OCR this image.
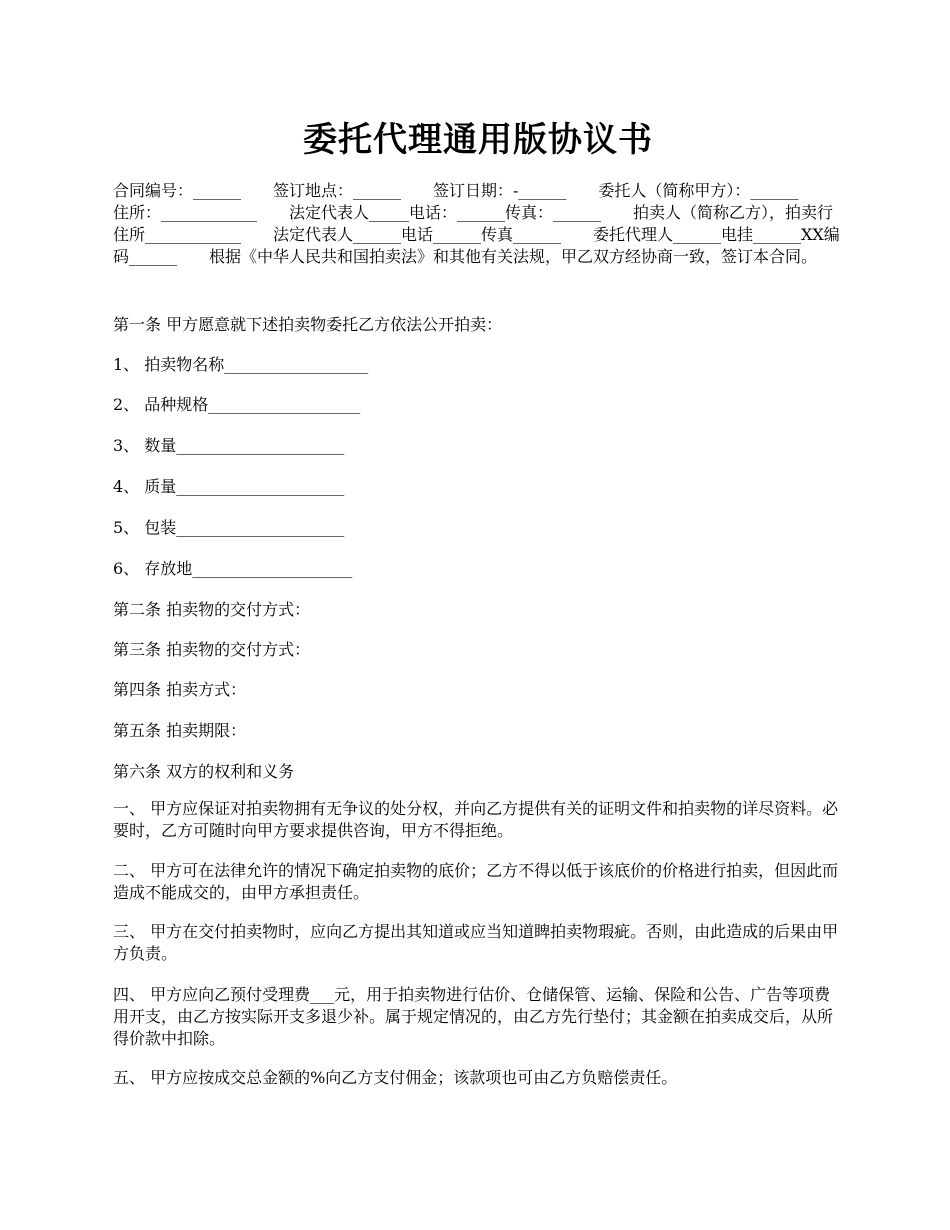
委托代理通用版协议书

合同编号：______　　签订地点：______　　签订日期：-______　　委托人（简称甲方）：______　　住所：____________　　法定代表人_____电话：______传真：______　　拍卖人（简称乙方），拍卖行　　住所____________　　法定代表人______电话______传真______　　委托代理人______电挂______XX编码______　　根据《中华人民共和国拍卖法》和其他有关法规，甲乙双方经协商一致，签订本合同。

第一条 甲方愿意就下述拍卖物委托乙方依法公开拍卖：

1、 拍卖物名称__________________

2、 品种规格___________________

3、 数量_____________________

4、 质量_____________________

5、 包装_____________________

6、 存放地____________________

第二条 拍卖物的交付方式：

第三条 拍卖物的交付方式：

第四条 拍卖方式：

第五条 拍卖期限：

第六条 双方的权利和义务

一、 甲方应保证对拍卖物拥有无争议的处分权，并向乙方提供有关的证明文件和拍卖物的详尽资料。必要时，乙方可随时向甲方要求提供咨询，甲方不得拒绝。

二、 甲方可在法律允许的情况下确定拍卖物的底价；乙方不得以低于该底价的价格进行拍卖，但因此而造成不能成交的，由甲方承担责任。

三、 甲方在交付拍卖物时，应向乙方提出其知道或应当知道睥拍卖物瑕疵。否则，由此造成的后果由甲方负责。

四、 甲方应向乙预付受理费___元，用于拍卖物进行估价、仓储保管、运输、保险和公告、广告等项费用开支，由乙方按实际开支多退少补。属于规定情况的，由乙方先行垫付；其金额在拍卖成交后，从所得价款中扣除。

五、 甲方应按成交总金额的%向乙方支付佣金；该款项也可由乙方负赔偿责任。
